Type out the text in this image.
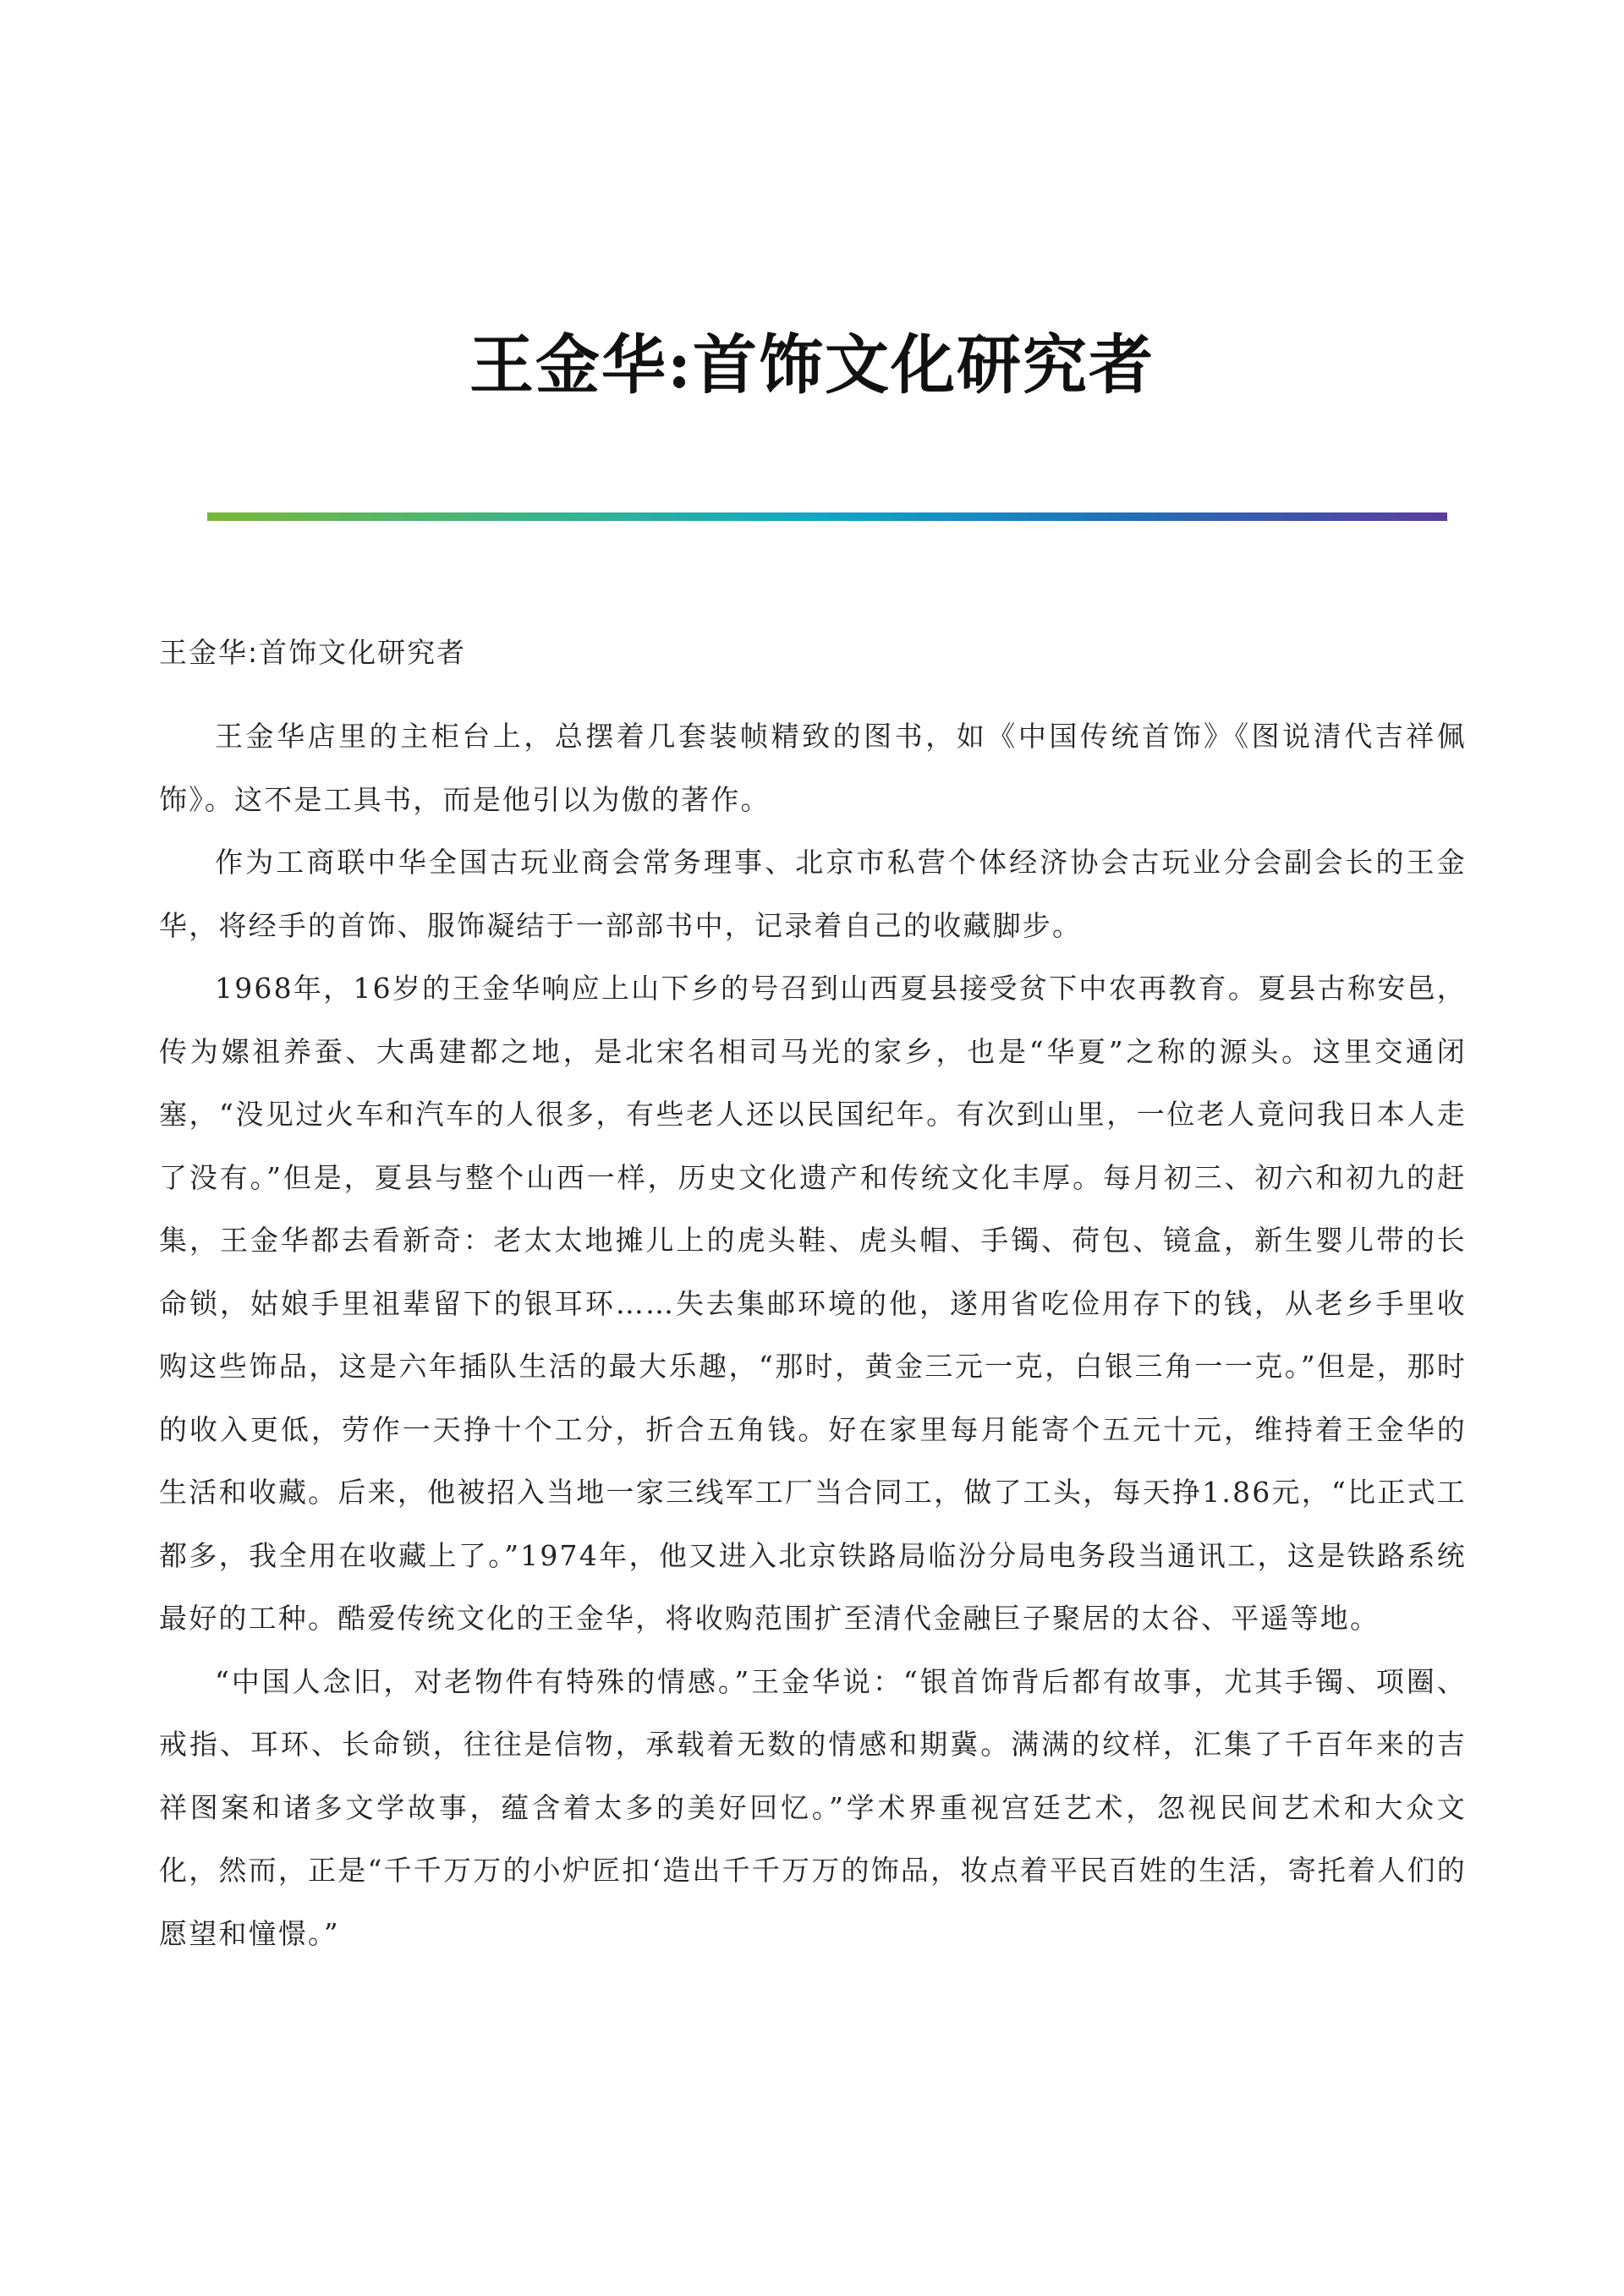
王金华:首饰文化研究者
王金华:首饰文化研究者

王金华店里的主柜台上，总摆着几套装帧精致的图书，如《中国传统首饰》《图说清代吉祥佩饰》。这不是工具书，而是他引以为傲的著作。

作为工商联中华全国古玩业商会常务理事、北京市私营个体经济协会古玩业分会副会长的王金华，将经手的首饰、服饰凝结于一部部书中，记录着自己的收藏脚步。

1968年，16岁的王金华响应上山下乡的号召到山西夏县接受贫下中农再教育。夏县古称安邑，传为嫘祖养蚕、大禹建都之地，是北宋名相司马光的家乡，也是“华夏”之称的源头。这里交通闭塞，“没见过火车和汽车的人很多，有些老人还以民国纪年。有次到山里，一位老人竟问我日本人走了没有。”但是，夏县与整个山西一样，历史文化遗产和传统文化丰厚。每月初三、初六和初九的赶集，王金华都去看新奇：老太太地摊儿上的虎头鞋、虎头帽、手镯、荷包、镜盒，新生婴儿带的长命锁，姑娘手里祖辈留下的银耳环……失去集邮环境的他，遂用省吃俭用存下的钱，从老乡手里收购这些饰品，这是六年插队生活的最大乐趣，“那时，黄金三元一克，白银三角一一克。”但是，那时的收入更低，劳作一天挣十个工分，折合五角钱。好在家里每月能寄个五元十元，维持着王金华的生活和收藏。后来，他被招入当地一家三线军工厂当合同工，做了工头，每天挣1.86元，“比正式工都多，我全用在收藏上了。”1974年，他又进入北京铁路局临汾分局电务段当通讯工，这是铁路系统最好的工种。酷爱传统文化的王金华，将收购范围扩至清代金融巨子聚居的太谷、平遥等地。

“中国人念旧，对老物件有特殊的情感。”王金华说：“银首饰背后都有故事，尤其手镯、项圈、戒指、耳环、长命锁，往往是信物，承载着无数的情感和期冀。满满的纹样，汇集了千百年来的吉祥图案和诸多文学故事，蕴含着太多的美好回忆。”学术界重视宫廷艺术，忽视民间艺术和大众文化，然而，正是“千千万万的小炉匠扣‘造出千千万万的饰品，妆点着平民百姓的生活，寄托着人们的愿望和憧憬。”
